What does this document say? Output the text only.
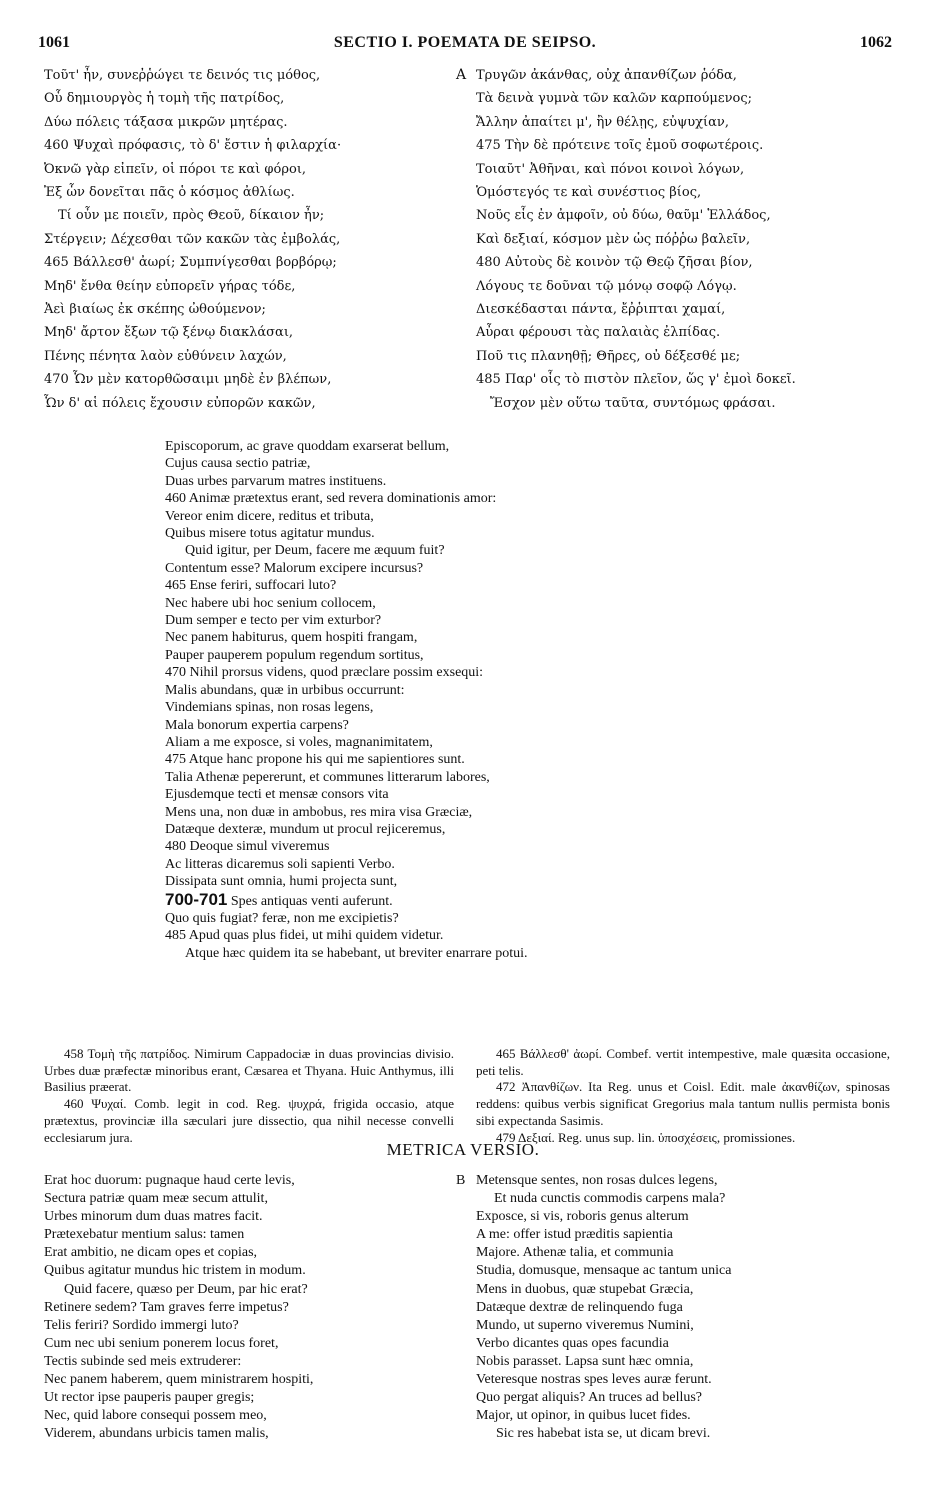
1061	SECTIO I. POEMATA DE SEIPSO.	1062
Τοῦτ' ἦν, συνεῤῥώγει τε δεινός τις μόθος,
Οὗ δημιουργὸς ἡ τομὴ τῆς πατρίδος,
Δύω πόλεις τάξασα μικρῶν μητέρας.
460 Ψυχαὶ πρόφασις, τὸ δ' ἔστιν ἡ φιλαρχία·
Ὀκνῶ γὰρ εἰπεῖν, οἱ πόροι τε καὶ φόροι,
Ἐξ ὧν δονεῖται πᾶς ὁ κόσμος ἀθλίως.
Τί οὖν με ποιεῖν, πρὸς Θεοῦ, δίκαιον ἦν;
Στέργειν; Δέχεσθαι τῶν κακῶν τὰς ἐμβολάς,
465 Βάλλεσθ' ἀωρί; Συμπνίγεσθαι βορβόρῳ;
Μηδ' ἔνθα θείην εὐπορεῖν γήρας τόδε,
Ἀεὶ βιαίως ἐκ σκέπης ὠθούμενον;
Μηδ' ἄρτον ἔξων τῷ ξένῳ διακλάσαι,
Πένης πένητα λαὸν εὐθύνειν λαχών,
470 Ὧν μὲν κατορθῶσαιμι μηδὲ ἐν βλέπων,
Ὧν δ' αἱ πόλεις ἔχουσιν εὐπορῶν κακῶν,
A Τρυγῶν ἀκάνθας, οὐχ ἀπανθίζων ῥόδα,
Τὰ δεινὰ γυμνὰ τῶν καλῶν καρπούμενος;
Ἄλλην ἀπαίτει μ', ἢν θέλῃς, εὐψυχίαν,
475 Τὴν δὲ πρότεινε τοῖς ἐμοῦ σοφωτέροις.
Τοιαῦτ' Ἀθῆναι, καὶ πόνοι κοινοὶ λόγων,
Ὁμόστεγός τε καὶ συνέστιος βίος,
Νοῦς εἷς ἐν ἀμφοῖν, οὐ δύω, θαῦμ' Ἑλλάδος,
Καὶ δεξιαί, κόσμον μὲν ὡς πόῤῥω βαλεῖν,
480 Αὐτοὺς δὲ κοινὸν τῷ Θεῷ ζῆσαι βίον,
Λόγους τε δοῦναι τῷ μόνῳ σοφῷ Λόγῳ.
Διεσκέδασται πάντα, ἔῤῥιπται χαμαί,
Αὖραι φέρουσι τὰς παλαιὰς ἐλπίδας.
Ποῦ τις πλανηθῇ; Θῆρες, οὐ δέξεσθέ με;
485 Παρ' οἷς τὸ πιστὸν πλεῖον, ὥς γ' ἐμοὶ δοκεῖ.
Ἔσχον μὲν οὕτω ταῦτα, συντόμως φράσαι.
Episcoporum, ac grave quoddam exarserat bellum,
Cujus causa sectio patriæ,
Duas urbes parvarum matres instituens.
460 Animæ prætextus erant, sed revera dominationis amor:
Vereor enim dicere, reditus et tributa,
Quibus misere totus agitatur mundus.
Quid igitur, per Deum, facere me æquum fuit?
Contentum esse? Malorum excipere incursus?
465 Ense feriri, suffocari luto?
Nec habere ubi hoc senium collocem,
Dum semper e tecto per vim exturbor?
Nec panem habiturus, quem hospiti frangam,
Pauper pauperem populum regendum sortitus,
470 Nihil prorsus videns, quod præclare possim exsequi:
Malis abundans, quæ in urbibus occurrunt:
Vindemians spinas, non rosas legens,
Mala bonorum expertia carpens?
Aliam a me exposce, si voles, magnanimitatem,
475 Atque hanc propone his qui me sapientiores sunt.
Talia Athenæ pepererunt, et communes litterarum labores,
Ejusdemque tecti et mensæ consors vita
Mens una, non duæ in ambobus, res mira visa Græciæ,
Datæque dexteræ, mundum ut procul rejiceremus,
480 Deoque simul viveremus
Ac litteras dicaremus soli sapienti Verbo.
Dissipata sunt omnia, humi projecta sunt,
700-701 Spes antiquas venti auferunt.
Quo quis fugiat? feræ, non me excipietis?
485 Apud quas plus fidei, ut mihi quidem videtur.
Atque hæc quidem ita se habebant, ut breviter enarrare potui.
458 Τομὴ τῆς πατρίδος. Nimirum Cappadociæ in duas provincias divisio. Urbes duæ præfectæ minoribus erant, Cæsarea et Thyana. Huic Anthymus, illi Basilius præerat.
460 Ψυχαί. Comb. legit in cod. Reg. ψυχρά, frigida occasio, atque prætextus, provinciæ illa sæculari jure dissectio, qua nihil necesse convelli ecclesiarum jura.
465 Βάλλεσθ' ἀωρί. Combef. vertit intempestive, male quæsita occasione, peti telis.
472 Ἀπανθίζων. Ita Reg. unus et Coisl. Edit. male ἀκανθίζων, spinosas reddens: quibus verbis significat Gregorius mala tantum nullis permista bonis sibi expectanda Sasimis.
479 Δεξιαί. Reg. unus sup. lin. ὑποσχέσεις, promissiones.
METRICA VERSIO.
Erat hoc duorum: pugnaque haud certe levis,
Sectura patriæ quam meæ secum attulit,
Urbes minorum dum duas matres facit.
Prætexebatur mentium salus: tamen
Erat ambitio, ne dicam opes et copias,
Quibus agitatur mundus hic tristem in modum.
Quid facere, quæso per Deum, par hic erat?
Retinere sedem? Tam graves ferre impetus?
Telis feriri? Sordido immergi luto?
Cum nec ubi senium ponerem locus foret,
Tectis subinde sed meis extruderer:
Nec panem haberem, quem ministrarem hospiti,
Ut rector ipse pauperis pauper gregis;
Nec, quid labore consequi possem meo,
Viderem, abundans urbicis tamen malis,
B Metensque sentes, non rosas dulces legens,
Et nuda cunctis commodis carpens mala?
Exposce, si vis, roboris genus alterum
A me: offer istud præditis sapientia
Majore. Athenæ talia, et communia
Studia, domusque, mensaque ac tantum unica
Mens in duobus, quæ stupebat Græcia,
Datæque dextræ de relinquendo fuga
Mundo, ut superno viveremus Numini,
Verbo dicantes quas opes facundia
Nobis parasset. Lapsa sunt hæc omnia,
Veteresque nostras spes leves auræ ferunt.
Quo pergat aliquis? An truces ad bellus?
Major, ut opinor, in quibus lucet fides.
Sic res habebat ista se, ut dicam brevi.
